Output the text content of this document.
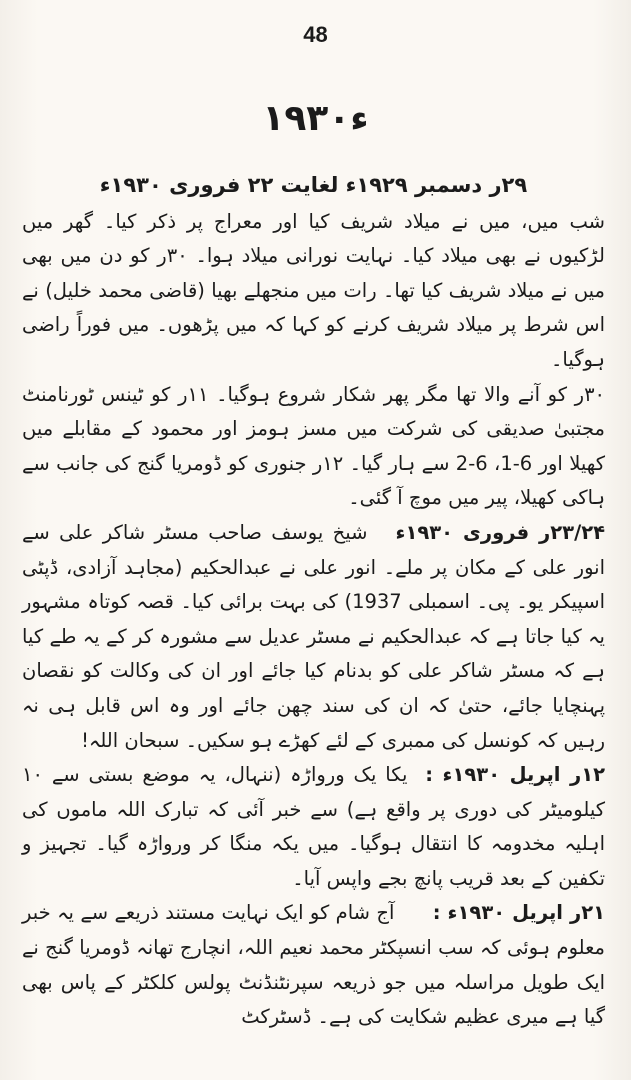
48
۱۹۳۰ء

۲۹ر دسمبر ۱۹۲۹ء لغایت ۲۲ فروری ۱۹۳۰ء

شب میں، میں نے میلاد شریف کیا اور معراج پر ذکر کیا۔ گھر میں لڑکیوں نے بھی میلاد کیا۔ نہایت نورانی میلاد ہوا۔ ۳۰ر کو دن میں بھی میں نے میلاد شریف کیا تھا۔ رات میں منجھلے بھیا (قاضی محمد خلیل) نے اس شرط پر میلاد شریف کرنے کو کہا کہ میں پڑھوں۔ میں فوراً راضی ہوگیا۔

۳۰ر کو آنے والا تھا مگر پھر شکار شروع ہوگیا۔ ۱۱ر کو ٹینس ٹورنامنٹ مجتبیٰ صدیقی کی شرکت میں مسز ہومز اور محمود کے مقابلے میں کھیلا اور 6-1، 6-2 سے ہار گیا۔ ۱۲ر جنوری کو ڈومریا گنج کی جانب سے ہاکی کھیلا، پیر میں موچ آ گئی۔

۲۳/۲۴ر فروری ۱۹۳۰ء   شیخ یوسف صاحب مسٹر شاکر علی سے انور علی کے مکان پر ملے۔ انور علی نے عبدالحکیم (مجاہد آزادی، ڈپٹی اسپیکر یو۔ پی۔ اسمبلی 1937) کی بہت برائی کیا۔ قصہ کوتاہ مشہور یہ کیا جاتا ہے کہ عبدالحکیم نے مسٹر عدیل سے مشورہ کر کے یہ طے کیا ہے کہ مسٹر شاکر علی کو بدنام کیا جائے اور ان کی وکالت کو نقصان پہنچایا جائے، حتیٰ کہ ان کی سند چھن جائے اور وہ اس قابل ہی نہ رہیں کہ کونسل کی ممبری کے لئے کھڑے ہو سکیں۔ سبحان اللہ!

۱۲ر اپریل ۱۹۳۰ء :  یکا یک ورواڑہ (ننہال، یہ موضع بستی سے ۱۰ کیلومیٹر کی دوری پر واقع ہے) سے خبر آئی کہ تبارک اللہ ماموں کی اہلیہ مخدومہ کا انتقال ہوگیا۔ میں یکہ منگا کر ورواڑہ گیا۔ تجہیز و تکفین کے بعد قریب پانچ بجے واپس آیا۔

۲۱ر اپریل ۱۹۳۰ء :      آج شام کو ایک نہایت مستند ذریعے سے یہ خبر معلوم ہوئی کہ سب انسپکٹر محمد نعیم اللہ، انچارج تھانہ ڈومریا گنج نے ایک طویل مراسلہ میں جو ذریعہ سپرنٹنڈنٹ پولس کلکٹر کے پاس بھی گیا ہے میری عظیم شکایت کی ہے۔ ڈسٹرکٹ
